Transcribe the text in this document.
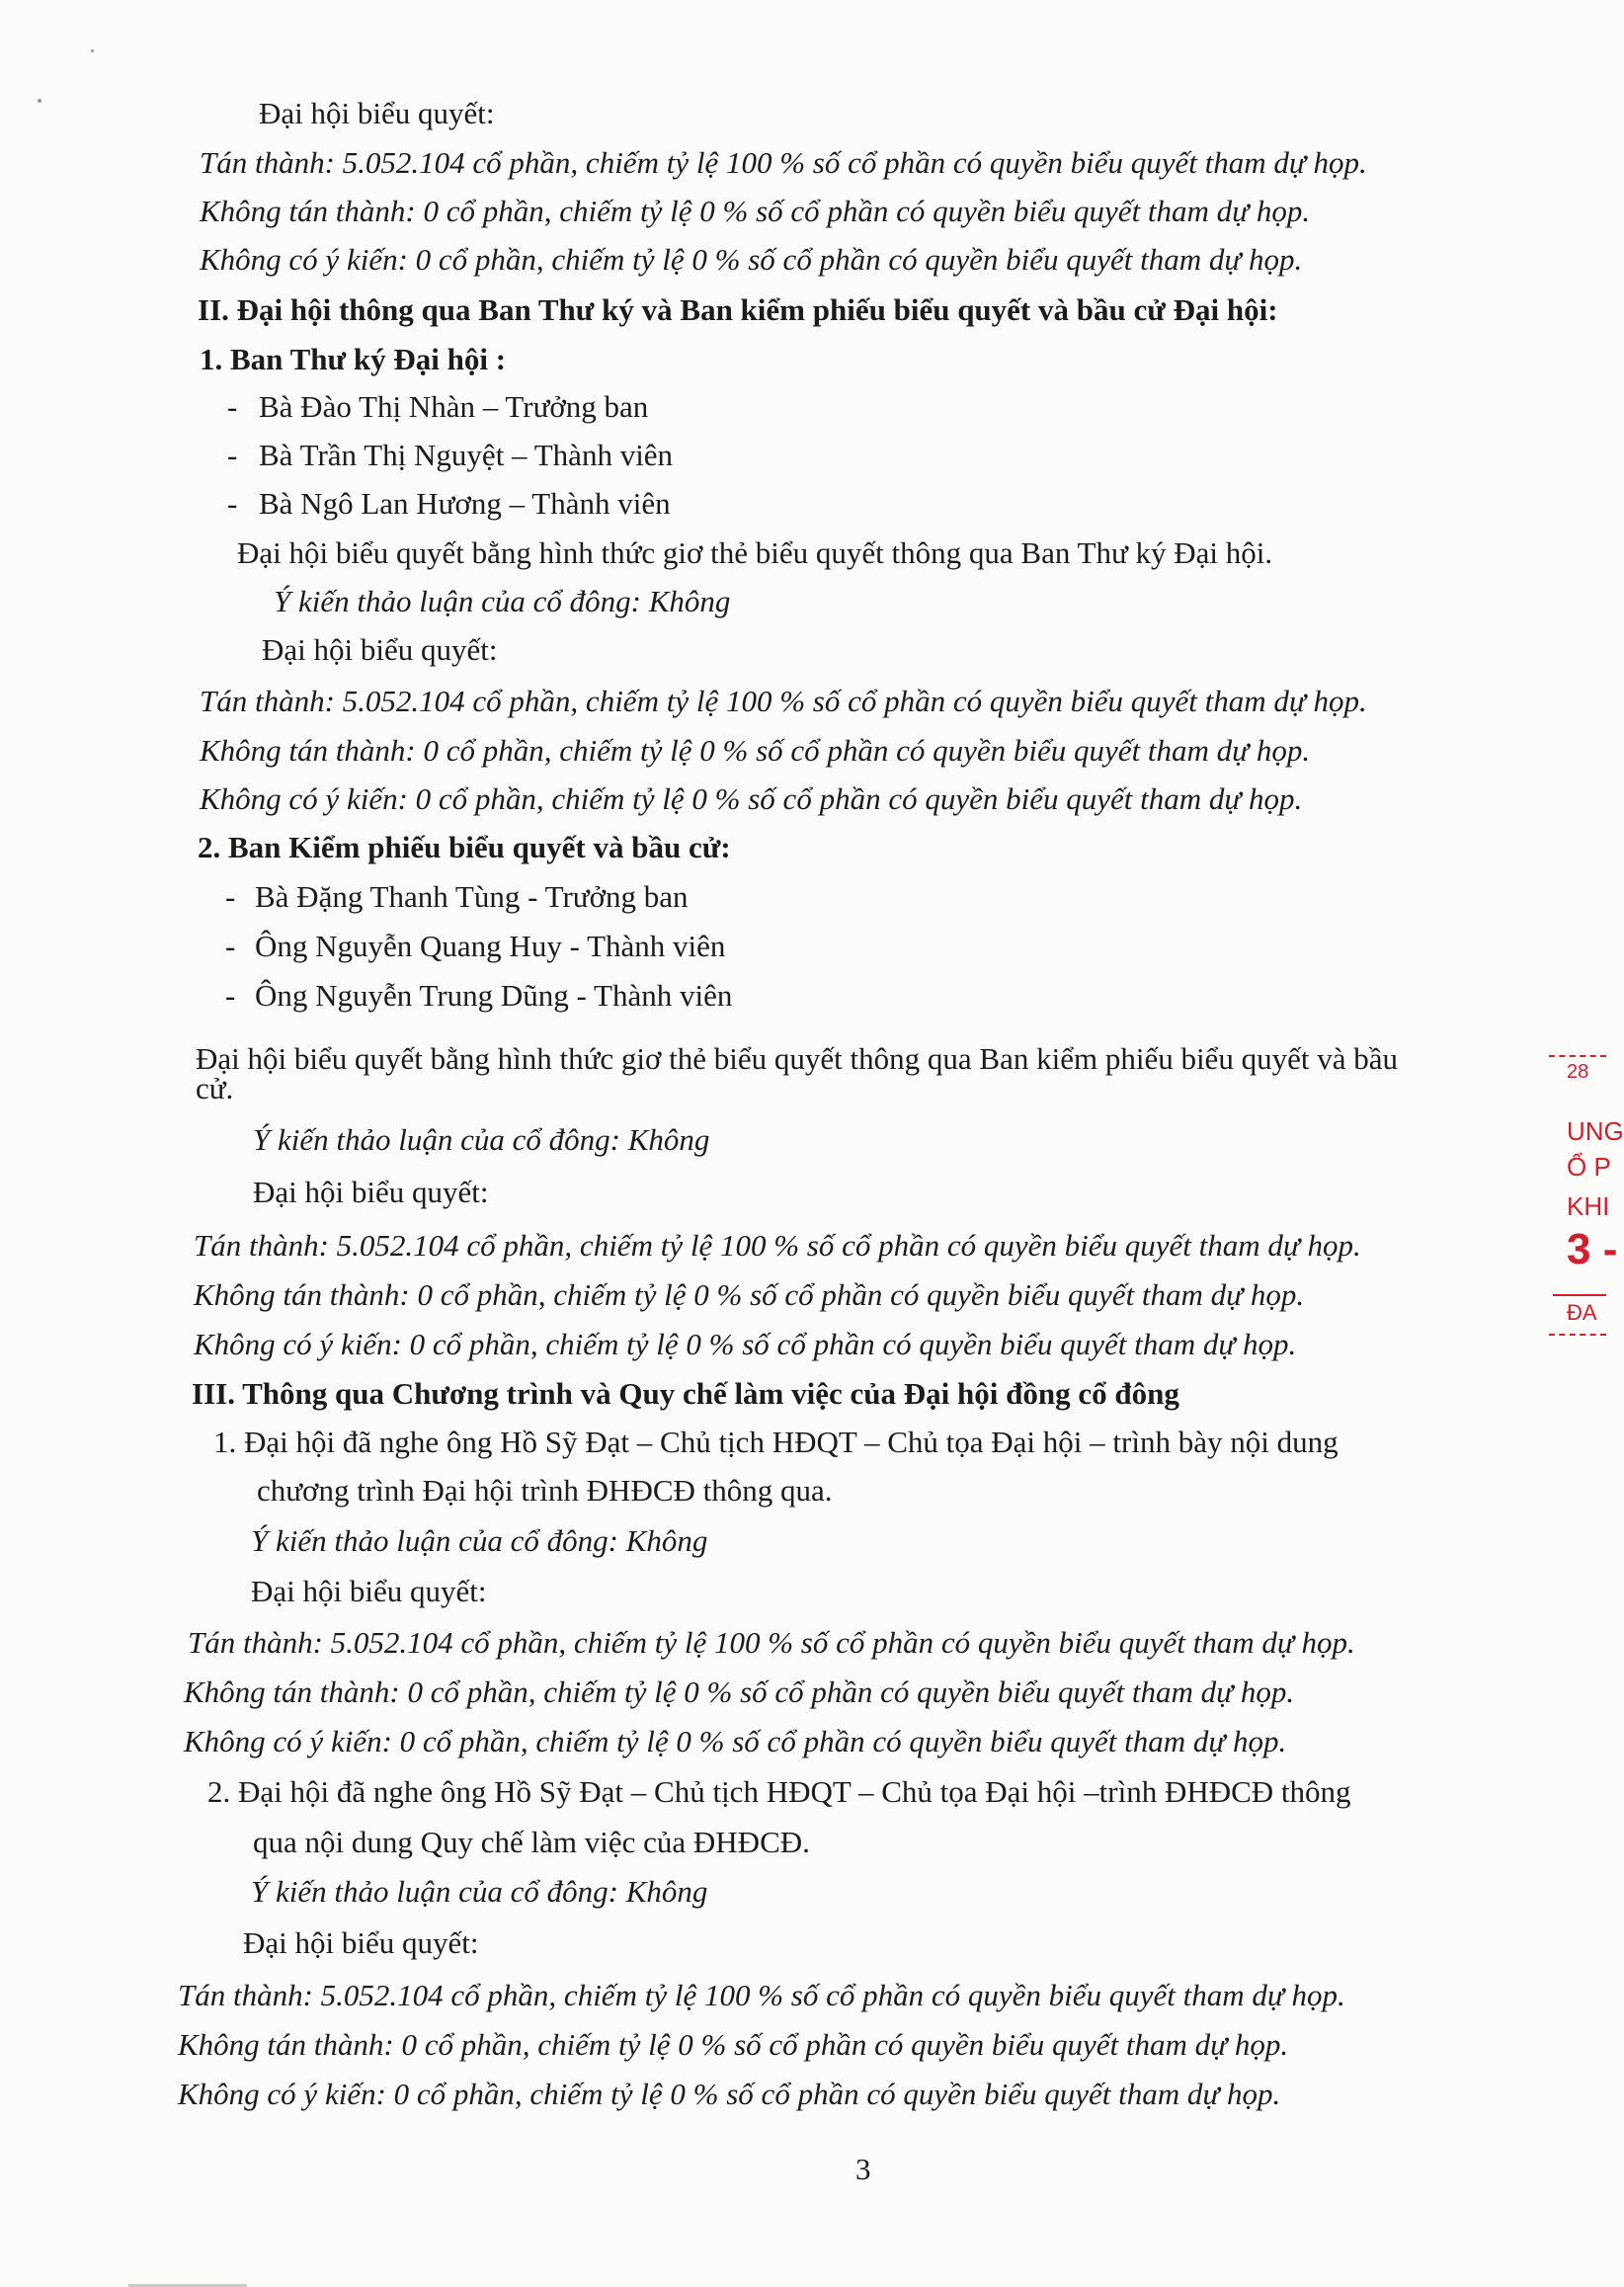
Đại hội biểu quyết:
Tán thành: 5.052.104 cổ phần, chiếm tỷ lệ 100 % số cổ phần có quyền biểu quyết tham dự họp.
Không tán thành: 0 cổ phần, chiếm tỷ lệ 0 % số cổ phần có quyền biểu quyết tham dự họp.
Không có ý kiến: 0 cổ phần, chiếm tỷ lệ 0 % số cổ phần có quyền biểu quyết tham dự họp.
II. Đại hội thông qua Ban Thư ký và Ban kiểm phiếu biểu quyết và bầu cử Đại hội:
1. Ban Thư ký Đại hội :
- Bà Đào Thị Nhàn – Trưởng ban
- Bà Trần Thị Nguyệt – Thành viên
- Bà Ngô Lan Hương – Thành viên
Đại hội biểu quyết bằng hình thức giơ thẻ biểu quyết thông qua Ban Thư ký Đại hội.
Ý kiến thảo luận của cổ đông: Không
Đại hội biểu quyết:
Tán thành: 5.052.104 cổ phần, chiếm tỷ lệ 100 % số cổ phần có quyền biểu quyết tham dự họp.
Không tán thành: 0 cổ phần, chiếm tỷ lệ 0 % số cổ phần có quyền biểu quyết tham dự họp.
Không có ý kiến: 0 cổ phần, chiếm tỷ lệ 0 % số cổ phần có quyền biểu quyết tham dự họp.
2. Ban Kiểm phiếu biểu quyết và bầu cử:
- Bà Đặng Thanh Tùng - Trưởng ban
- Ông Nguyễn Quang Huy - Thành viên
- Ông Nguyễn Trung Dũng - Thành viên
Đại hội biểu quyết bằng hình thức giơ thẻ biểu quyết thông qua Ban kiểm phiếu biểu quyết và bầu
cử.
Ý kiến thảo luận của cổ đông: Không
Đại hội biểu quyết:
Tán thành: 5.052.104 cổ phần, chiếm tỷ lệ 100 % số cổ phần có quyền biểu quyết tham dự họp.
Không tán thành: 0 cổ phần, chiếm tỷ lệ 0 % số cổ phần có quyền biểu quyết tham dự họp.
Không có ý kiến: 0 cổ phần, chiếm tỷ lệ 0 % số cổ phần có quyền biểu quyết tham dự họp.
III. Thông qua Chương trình và Quy chế làm việc của Đại hội đồng cổ đông
1. Đại hội đã nghe ông Hồ Sỹ Đạt – Chủ tịch HĐQT – Chủ tọa Đại hội – trình bày nội dung
chương trình Đại hội trình ĐHĐCĐ thông qua.
Ý kiến thảo luận của cổ đông: Không
Đại hội biểu quyết:
Tán thành: 5.052.104 cổ phần, chiếm tỷ lệ 100 % số cổ phần có quyền biểu quyết tham dự họp.
Không tán thành: 0 cổ phần, chiếm tỷ lệ 0 % số cổ phần có quyền biểu quyết tham dự họp.
Không có ý kiến: 0 cổ phần, chiếm tỷ lệ 0 % số cổ phần có quyền biểu quyết tham dự họp.
2. Đại hội đã nghe ông Hồ Sỹ Đạt – Chủ tịch HĐQT – Chủ tọa Đại hội –trình ĐHĐCĐ thông
qua nội dung Quy chế làm việc của ĐHĐCĐ.
Ý kiến thảo luận của cổ đông: Không
Đại hội biểu quyết:
Tán thành: 5.052.104 cổ phần, chiếm tỷ lệ 100 % số cổ phần có quyền biểu quyết tham dự họp.
Không tán thành: 0 cổ phần, chiếm tỷ lệ 0 % số cổ phần có quyền biểu quyết tham dự họp.
Không có ý kiến: 0 cổ phần, chiếm tỷ lệ 0 % số cổ phần có quyền biểu quyết tham dự họp.
3
28
UNG
Ổ P
KHI
3 -
ĐA
